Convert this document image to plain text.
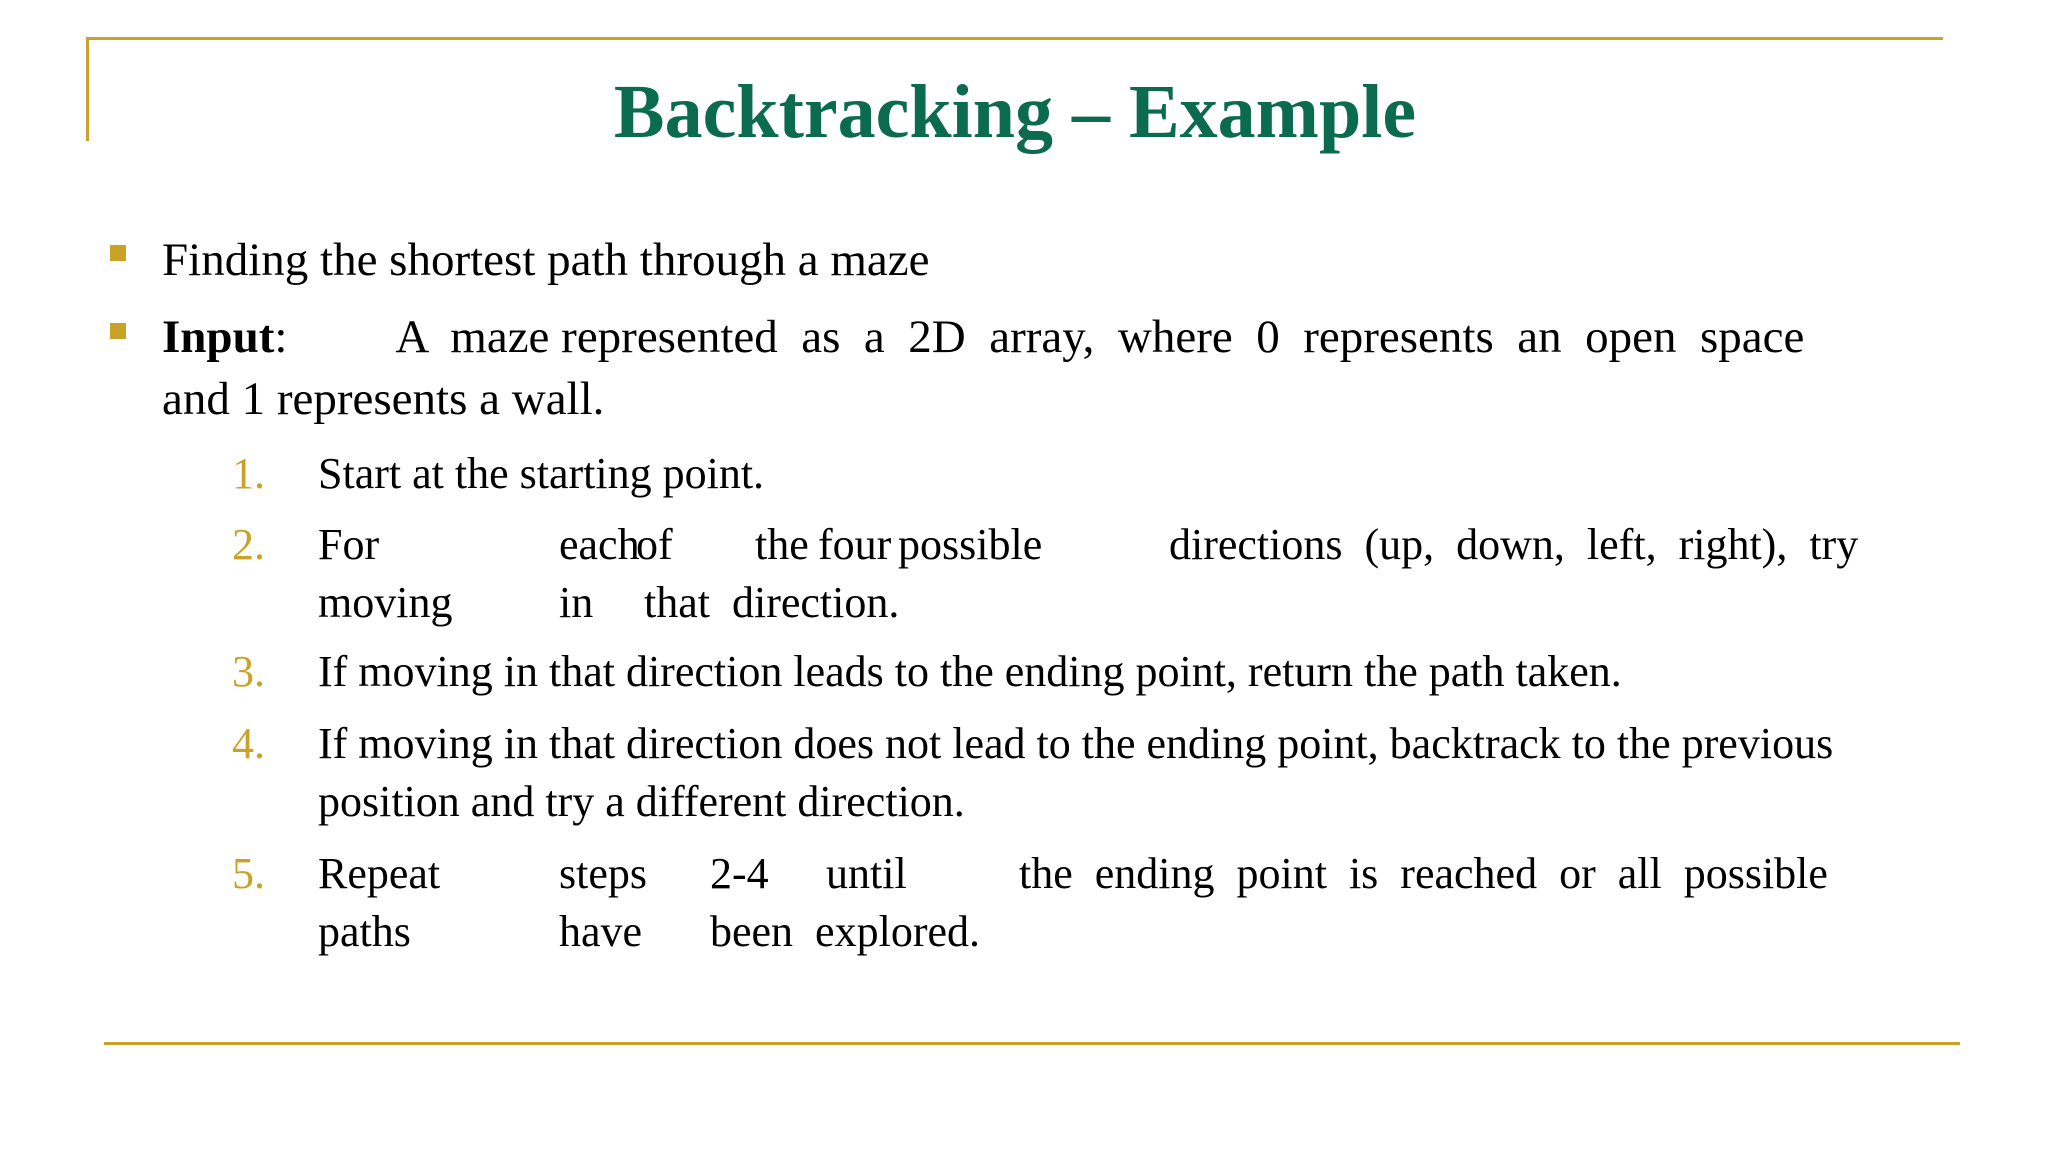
Backtracking – Example
Finding the shortest path through a maze
Input: A  maze represented  as  a  2D  array,  where  0  represents  an  open  space
and 1 represents a wall.
1. Start at the starting point.
2. For	each
of the four possible	directions  (up,  down,  left,  right),  try
moving in that  direction.
3. If moving in that direction leads to the ending point, return the path taken.
4. If moving in that direction does not lead to the ending point, backtrack to the previous
position and try a different direction.
5. Repeat	steps 2-4 until	the  ending  point  is  reached  or  all  possible
paths	have been  explored.
